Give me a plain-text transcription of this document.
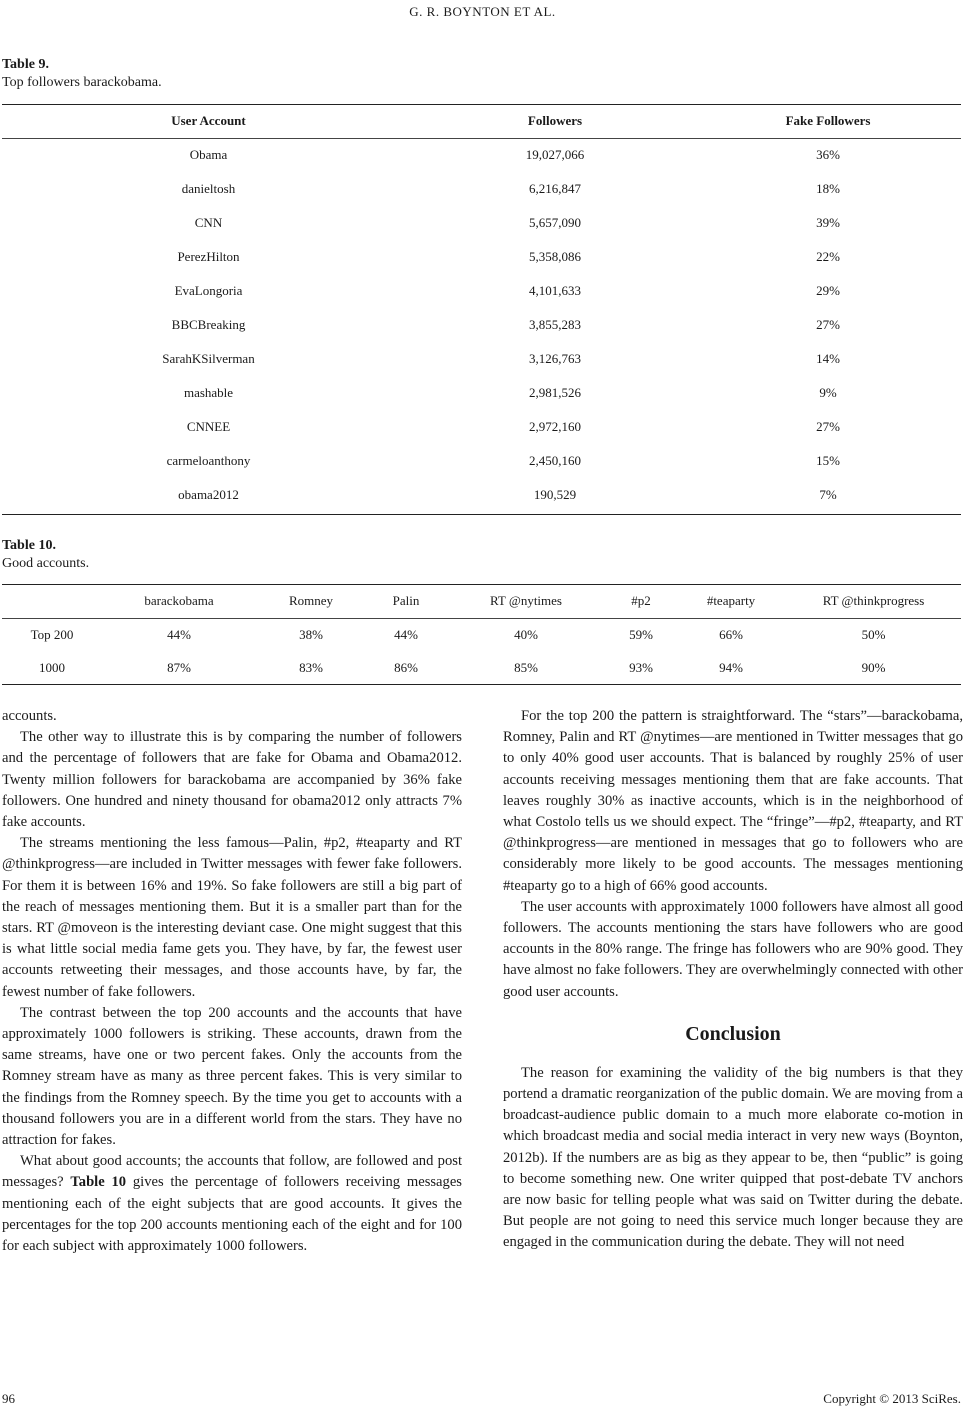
G. R. BOYNTON ET AL.
Table 9.
Top followers barackobama.
User Account	Followers	Fake Followers
Obama	19,027,066	36%
danieltosh	6,216,847	18%
CNN	5,657,090	39%
PerezHilton	5,358,086	22%
EvaLongoria	4,101,633	29%
BBCBreaking	3,855,283	27%
SarahKSilverman	3,126,763	14%
mashable	2,981,526	9%
CNNEE	2,972,160	27%
carmeloanthony	2,450,160	15%
obama2012	190,529	7%
Table 10.
Good accounts.
	barackobama	Romney	Palin	RT @nytimes	#p2	#teaparty	RT @thinkprogress
Top 200	44%	38%	44%	40%	59%	66%	50%
1000	87%	83%	86%	85%	93%	94%	90%

accounts.

The other way to illustrate this is by comparing the number of followers and the percentage of followers that are fake for Obama and Obama2012. Twenty million followers for barackobama are accompanied by 36% fake followers. One hundred and ninety thousand for obama2012 only attracts 7% fake accounts.

The streams mentioning the less famous—Palin, #p2, #teaparty and RT @thinkprogress—are included in Twitter messages with fewer fake followers. For them it is between 16% and 19%. So fake followers are still a big part of the reach of messages mentioning them. But it is a smaller part than for the stars. RT @moveon is the interesting deviant case. One might suggest that this is what little social media fame gets you. They have, by far, the fewest user accounts retweeting their messages, and those accounts have, by far, the fewest number of fake followers.

The contrast between the top 200 accounts and the accounts that have approximately 1000 followers is striking. These accounts, drawn from the same streams, have one or two percent fakes. Only the accounts from the Romney stream have as many as three percent fakes. This is very similar to the findings from the Romney speech. By the time you get to accounts with a thousand followers you are in a different world from the stars. They have no attraction for fakes.

What about good accounts; the accounts that follow, are followed and post messages? Table 10 gives the percentage of followers receiving messages mentioning each of the eight subjects that are good accounts. It gives the percentages for the top 200 accounts mentioning each of the eight and for 100 for each subject with approximately 1000 followers.

For the top 200 the pattern is straightforward. The “stars”—barackobama, Romney, Palin and RT @nytimes—are mentioned in Twitter messages that go to only 40% good user accounts. That is balanced by roughly 25% of user accounts receiving messages mentioning them that are fake accounts. That leaves roughly 30% as inactive accounts, which is in the neighborhood of what Costolo tells us we should expect. The “fringe”—#p2, #teaparty, and RT @thinkprogress—are mentioned in messages that go to followers who are considerably more likely to be good accounts. The messages mentioning #teaparty go to a high of 66% good accounts.

The user accounts with approximately 1000 followers have almost all good followers. The accounts mentioning the stars have followers who are good accounts in the 80% range. The fringe has followers who are 90% good. They have almost no fake followers. They are overwhelmingly connected with other good user accounts.

Conclusion

The reason for examining the validity of the big numbers is that they portend a dramatic reorganization of the public domain. We are moving from a broadcast-audience public domain to a much more elaborate co-motion in which broadcast media and social media interact in very new ways (Boynton, 2012b). If the numbers are as big as they appear to be, then “public” is going to become something new. One writer quipped that post-debate TV anchors are now basic for telling people what was said on Twitter during the debate. But people are not going to need this service much longer because they are engaged in the communication during the debate. They will not need

96	Copyright © 2013 SciRes.
